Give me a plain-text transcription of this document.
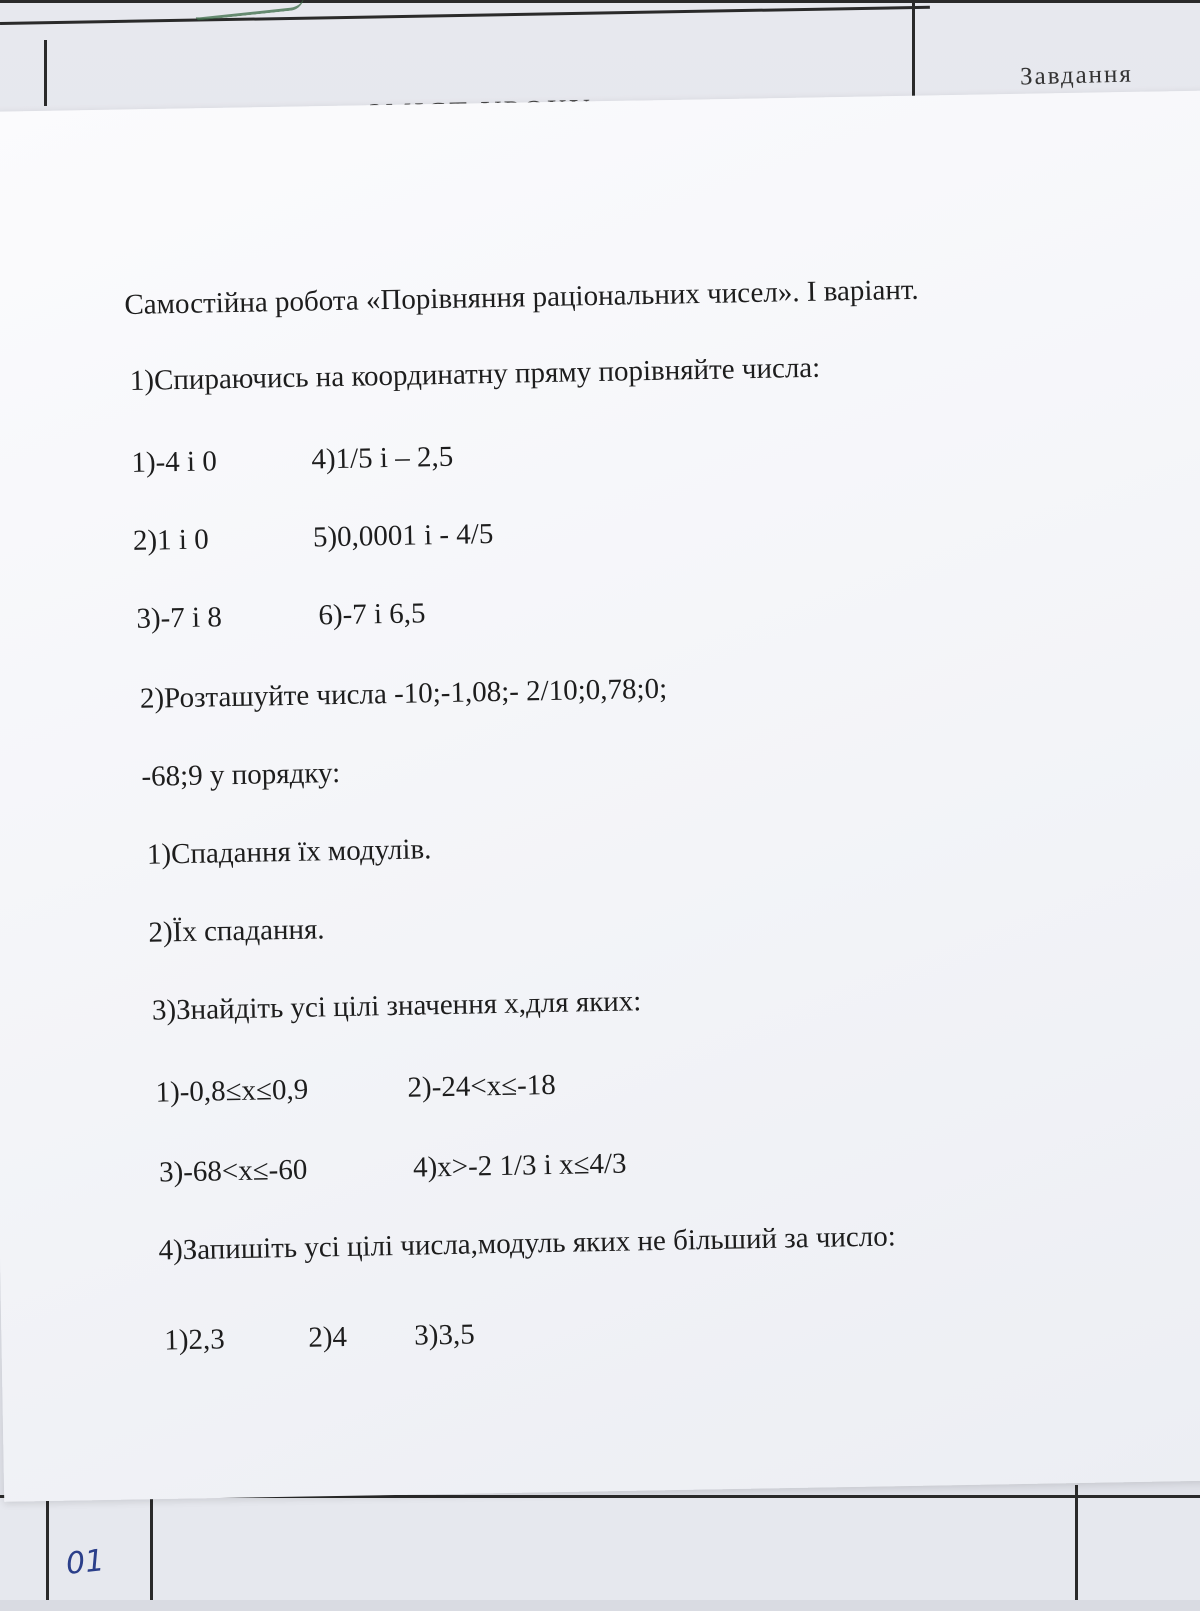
Завдання
01
Самостійна робота «Порівняння раціональних чисел». I варіант.
1)Спираючись на координатну пряму порівняйте числа:
1)-4 і 0	4)1/5 і – 2,5
2)1 і 0	5)0,0001 і - 4/5
3)-7 і 8	6)-7 і 6,5
2)Розташуйте числа -10;-1,08;- 2/10;0,78;0;
-68;9 у порядку:
1)Спадання їх модулів.
2)Їх спадання.
3)Знайдіть усі цілі значення x,для яких:
1)-0,8≤x≤0,9	2)-24<x≤-18
3)-68<x≤-60	4)x>-2 1/3 і x≤4/3
4)Запишіть усі цілі числа,модуль яких не більший за число:
1)2,3	2)4 3)3,5
